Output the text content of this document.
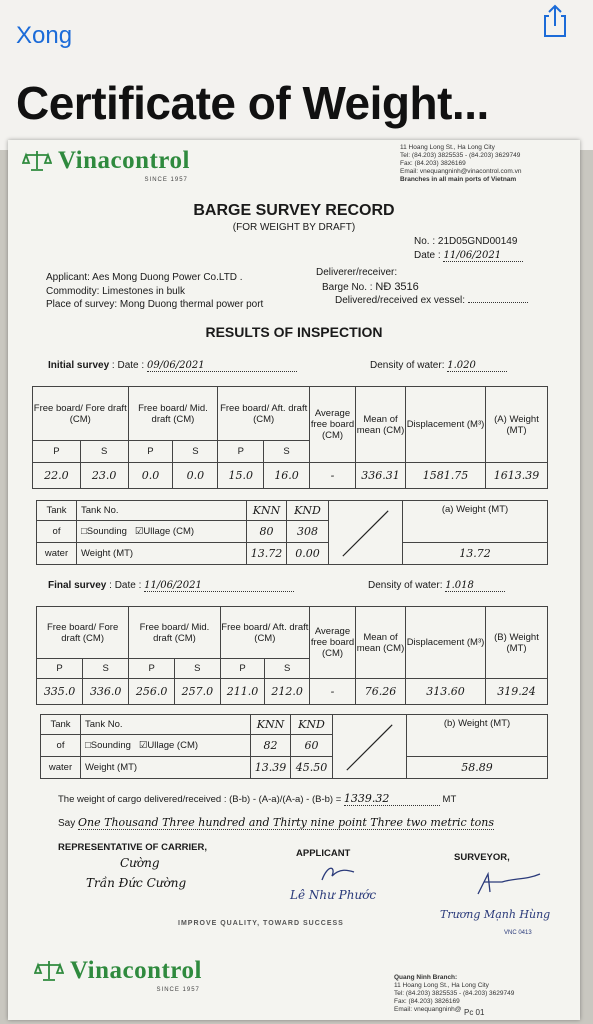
Xong
Certificate of Weight...
Vinacontrol
SINCE 1957
11 Hoang Long St., Ha Long City
Tel: (84.203) 3825535 - (84.203) 3629749
Fax: (84.203) 3826169
Email: vnequangninh@vinacontrol.com.vn
Branches in all main ports of Vietnam
BARGE SURVEY RECORD
(FOR WEIGHT BY DRAFT)
No. : 21D05GND00149
Date : 11/06/2021
Applicant: Aes Mong Duong Power Co.LTD .
Commodity: Limestones in bulk
Place of survey: Mong Duong thermal power port
Deliverer/receiver:
Barge No. : NĐ 3516
Delivered/received ex vessel:
RESULTS OF INSPECTION
Initial survey : Date : 09/06/2021	Density of water: 1.020
Free board/ Fore draft (CM)		Free board/ Mid. draft (CM)		Free board/ Aft. draft (CM)		Average free board (CM)	Mean of mean (CM)	Displacement (M³)	(A) Weight (MT)
P	S	P	S	P	S				
22.0	23.0	0.0	0.0	15.0	16.0	-	336.31	1581.75	1613.39
Tank	Tank No.	KNN	KND		(a) Weight (MT)
of	□Sounding ☑Ullage (CM)	80	308		
water	Weight (MT)	13.72	0.00		13.72
Final survey : Date : 11/06/2021	Density of water: 1.018
Free board/ Fore draft (CM)		Free board/ Mid. draft (CM)		Free board/ Aft. draft (CM)		Average free board (CM)	Mean of mean (CM)	Displacement (M³)	(B) Weight (MT)
P	S	P	S	P	S				
335.0	336.0	256.0	257.0	211.0	212.0	-	76.26	313.60	319.24
Tank	Tank No.	KNN	KND		(b) Weight (MT)
of	□Sounding ☑Ullage (CM)	82	60		
water	Weight (MT)	13.39	45.50		58.89
The weight of cargo delivered/received : (B-b) - (A-a)/(A-a) - (B-b) = 1339.32	MT
Say One Thousand Three hundred and Thirty nine point Three two metric tons
REPRESENTATIVE OF CARRIER,
APPLICANT	SURVEYOR,
Cường
Trần Đức Cường
Lê Như Phước
Trương Mạnh Hùng
VNC 0413
IMPROVE QUALITY, TOWARD SUCCESS
Vinacontrol
SINCE 1957
Quang Ninh Branch:
11 Hoang Long St., Ha Long City
Tel: (84.203) 3825535 - (84.203) 3629749
Fax: (84.203) 3826169
Email: vnequangninh@ Pc 01
